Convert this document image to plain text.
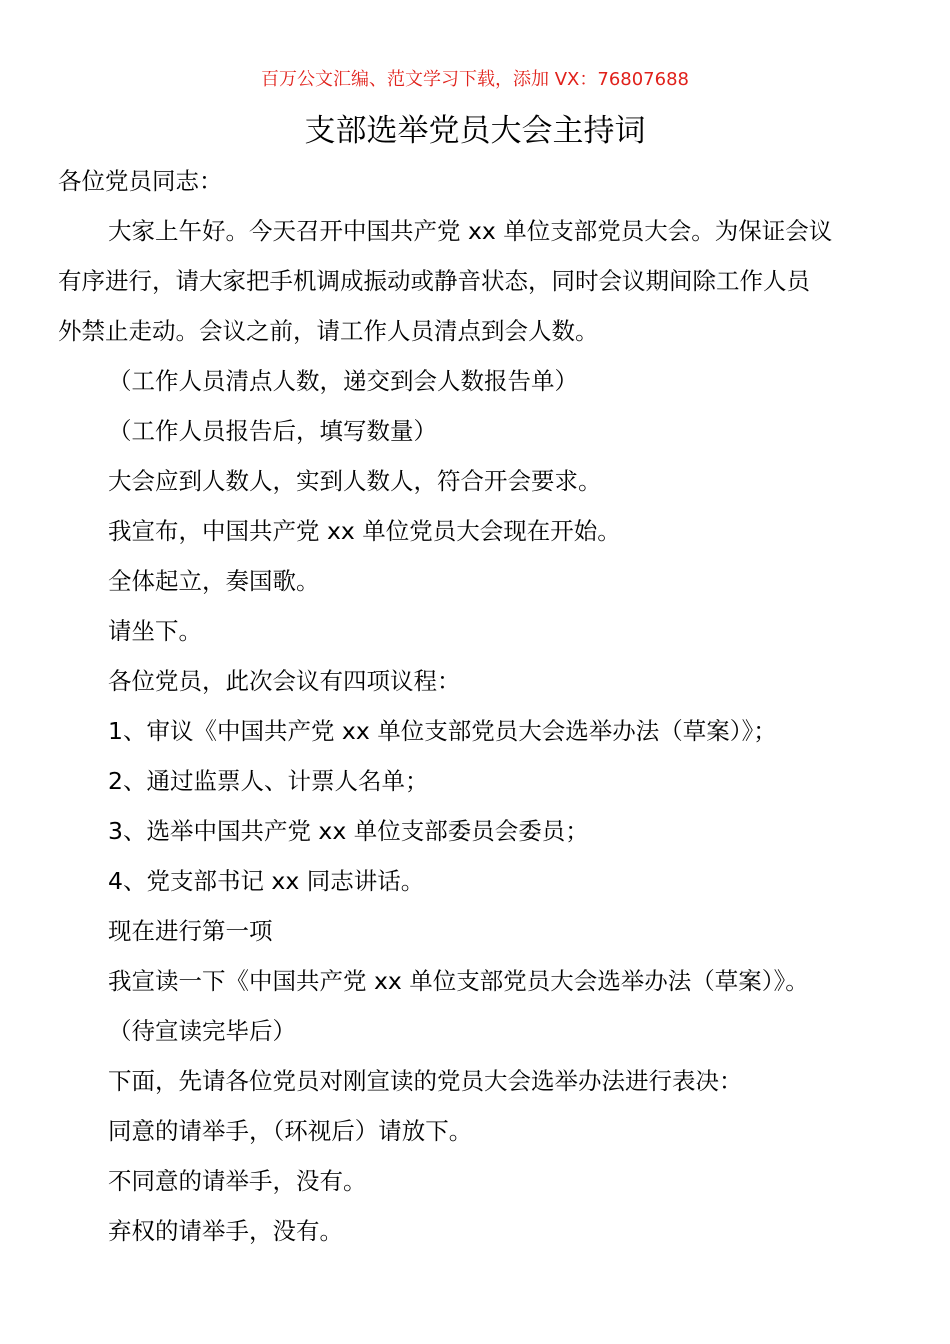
百万公文汇编、范文学习下载，添加 VX：76807688
支部选举党员大会主持词
各位党员同志：
大家上午好。今天召开中国共产党 xx 单位支部党员大会。为保证会议
有序进行，请大家把手机调成振动或静音状态，同时会议期间除工作人员
外禁止走动。会议之前，请工作人员清点到会人数。
（工作人员清点人数，递交到会人数报告单）
（工作人员报告后，填写数量）
大会应到人数人，实到人数人，符合开会要求。
我宣布，中国共产党 xx 单位党员大会现在开始。
全体起立，奏国歌。
请坐下。
各位党员，此次会议有四项议程：
1、审议《中国共产党 xx 单位支部党员大会选举办法（草案）》；
2、通过监票人、计票人名单；
3、选举中国共产党 xx 单位支部委员会委员；
4、党支部书记 xx 同志讲话。
现在进行第一项
我宣读一下《中国共产党 xx 单位支部党员大会选举办法（草案）》。
（待宣读完毕后）
下面，先请各位党员对刚宣读的党员大会选举办法进行表决：
同意的请举手，（环视后）请放下。
不同意的请举手，没有。
弃权的请举手，没有。
